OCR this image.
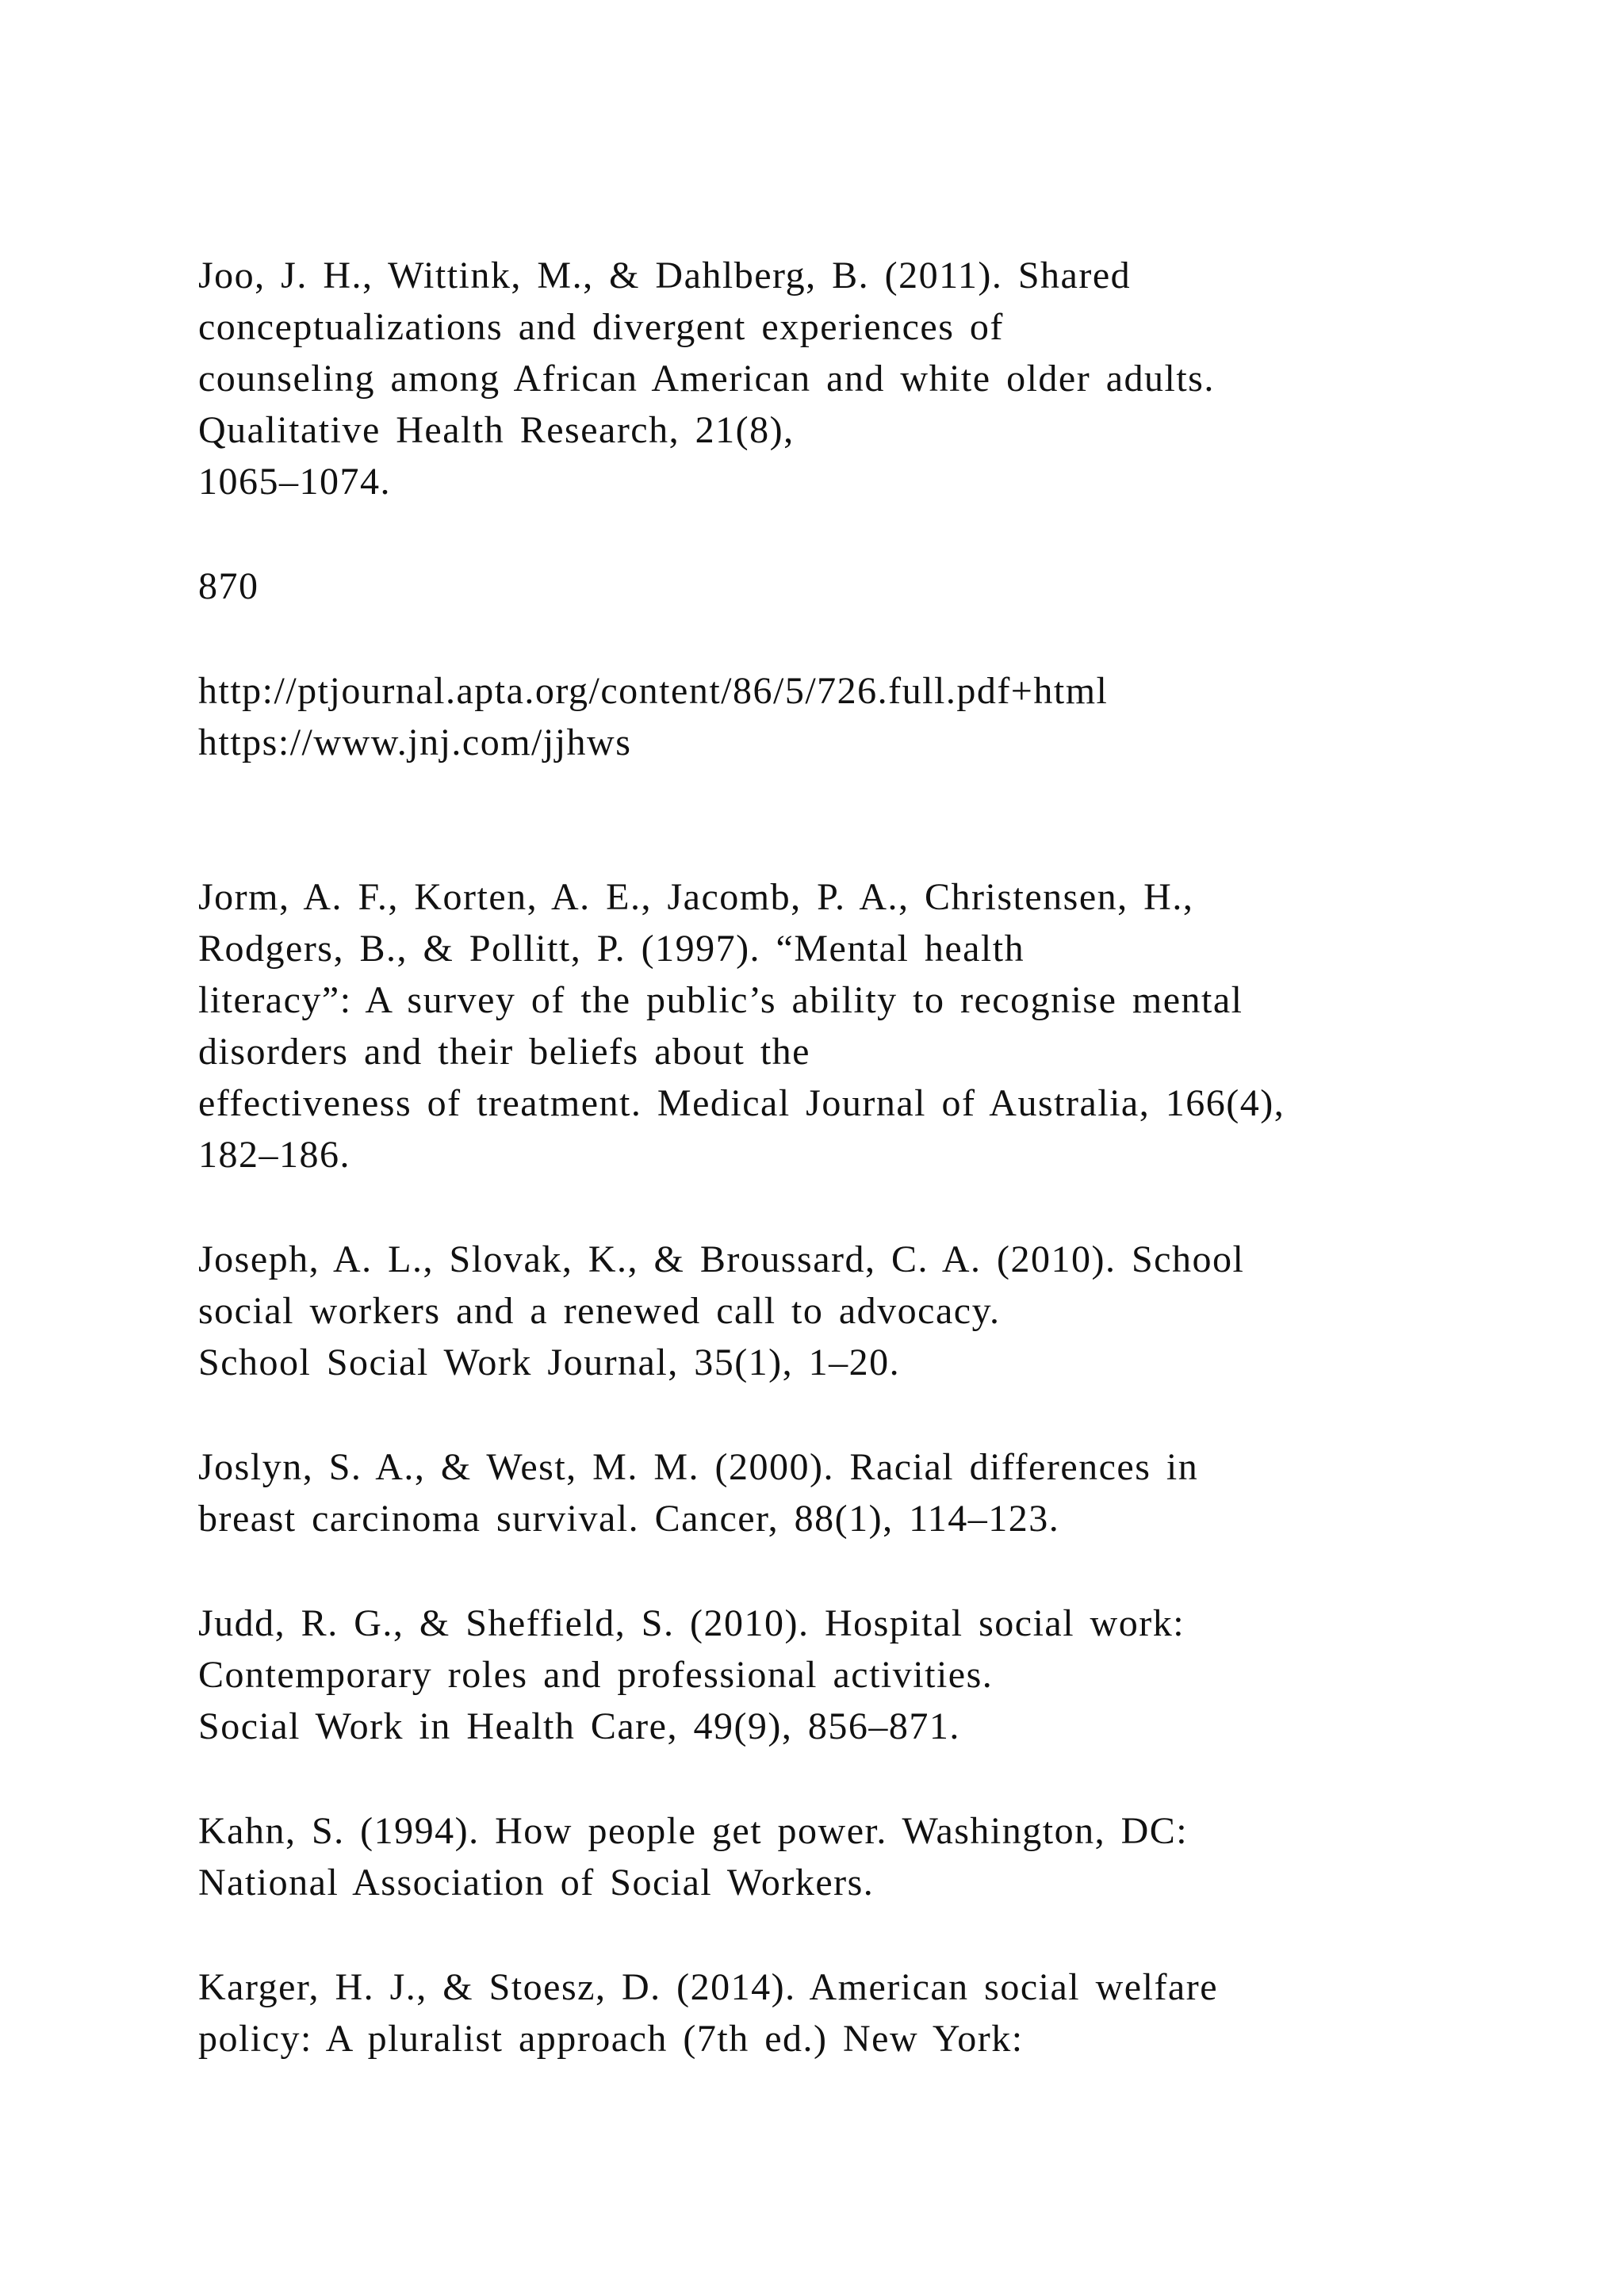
Joo, J. H., Wittink, M., & Dahlberg, B. (2011). Shared
conceptualizations and divergent experiences of
counseling among African American and white older adults.
Qualitative Health Research, 21(8),
1065–1074.
870
http://ptjournal.apta.org/content/86/5/726.full.pdf+html
https://www.jnj.com/jjhws
Jorm, A. F., Korten, A. E., Jacomb, P. A., Christensen, H.,
Rodgers, B., & Pollitt, P. (1997). “Mental health
literacy”: A survey of the public’s ability to recognise mental
disorders and their beliefs about the
effectiveness of treatment. Medical Journal of Australia, 166(4),
182–186.
Joseph, A. L., Slovak, K., & Broussard, C. A. (2010). School
social workers and a renewed call to advocacy.
School Social Work Journal, 35(1), 1–20.
Joslyn, S. A., & West, M. M. (2000). Racial differences in
breast carcinoma survival. Cancer, 88(1), 114–123.
Judd, R. G., & Sheffield, S. (2010). Hospital social work:
Contemporary roles and professional activities.
Social Work in Health Care, 49(9), 856–871.
Kahn, S. (1994). How people get power. Washington, DC:
National Association of Social Workers.
Karger, H. J., & Stoesz, D. (2014). American social welfare
policy: A pluralist approach (7th ed.) New York:
